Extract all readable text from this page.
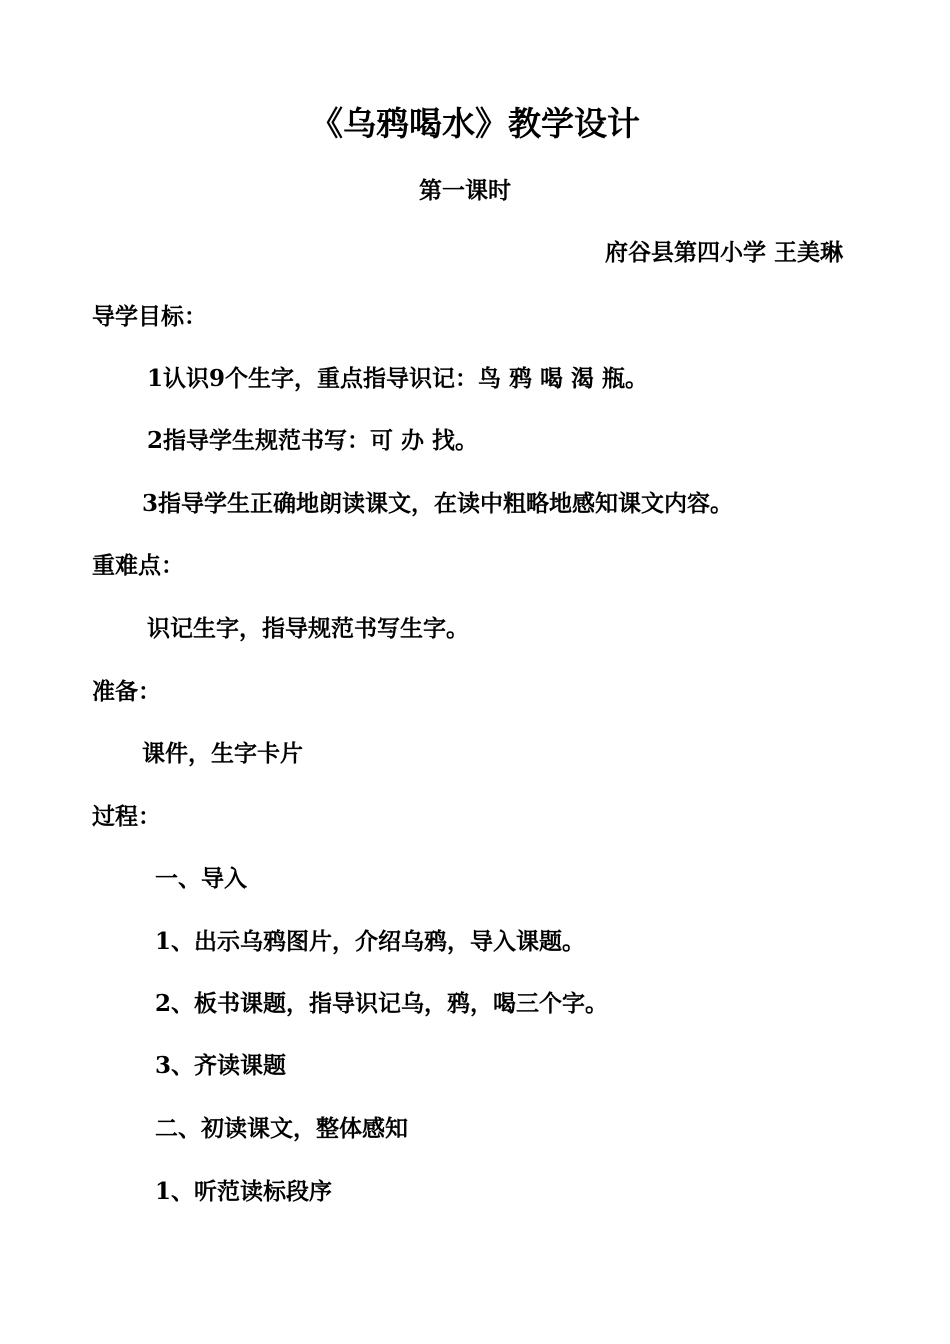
《乌鸦喝水》教学设计
第一课时
府谷县第四小学 王美琳
导学目标：
1认识9个生字，重点指导识记：鸟 鸦 喝 渴 瓶。
2指导学生规范书写：可 办 找。
3指导学生正确地朗读课文，在读中粗略地感知课文内容。
重难点：
识记生字，指导规范书写生字。
准备：
课件，生字卡片
过程：
一、导入
1、出示乌鸦图片，介绍乌鸦，导入课题。
2、板书课题，指导识记乌，鸦，喝三个字。
3、齐读课题
二、初读课文，整体感知
1、听范读标段序
